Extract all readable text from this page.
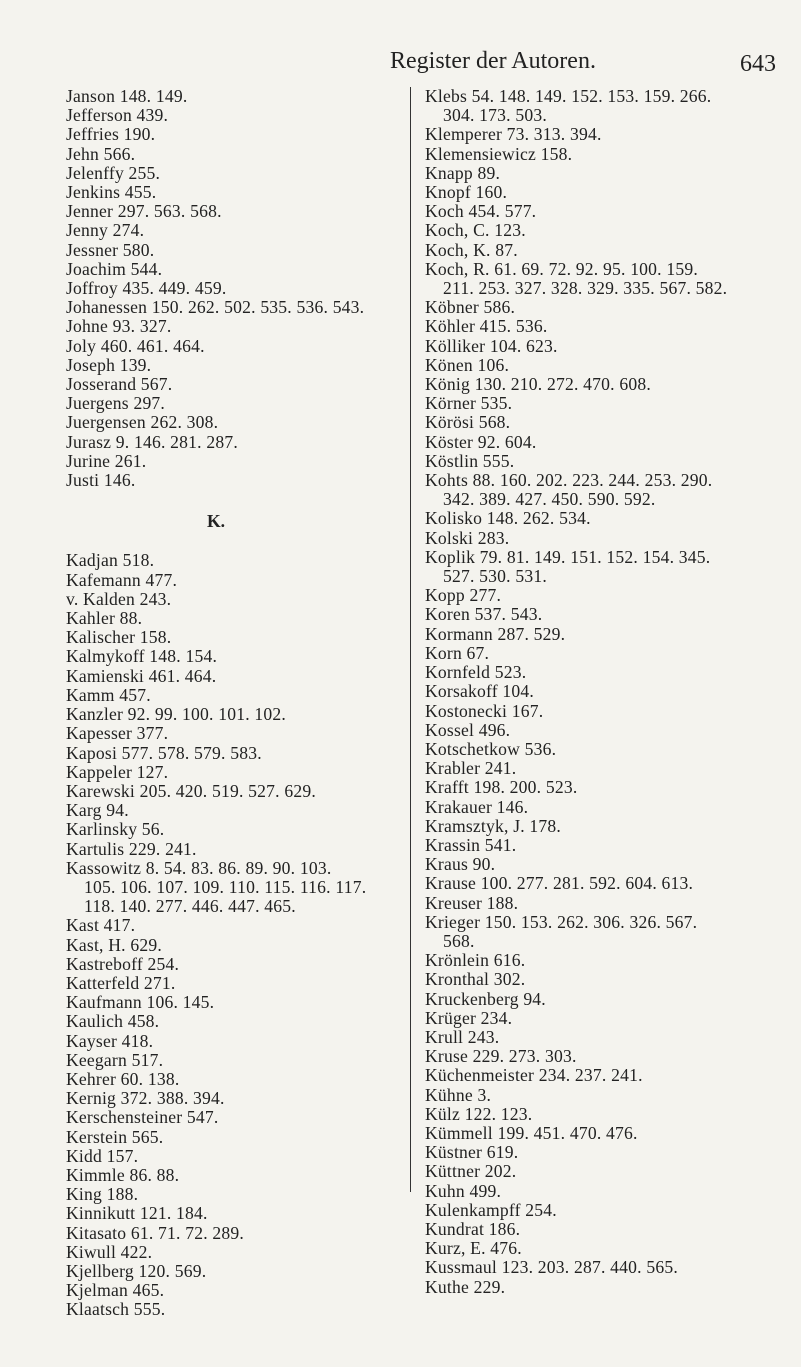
Register der Autoren.	643
Janson 148. 149.
Jefferson 439.
Jeffries 190.
Jehn 566.
Jelenffy 255.
Jenkins 455.
Jenner 297. 563. 568.
Jenny 274.
Jessner 580.
Joachim 544.
Joffroy 435. 449. 459.
Johanessen 150. 262. 502. 535. 536. 543.
Johne 93. 327.
Joly 460. 461. 464.
Joseph 139.
Josserand 567.
Juergens 297.
Juergensen 262. 308.
Jurasz 9. 146. 281. 287.
Jurine 261.
Justi 146.
K.
Kadjan 518.
Kafemann 477.
v. Kalden 243.
Kahler 88.
Kalischer 158.
Kalmykoff 148. 154.
Kamienski 461. 464.
Kamm 457.
Kanzler 92. 99. 100. 101. 102.
Kapesser 377.
Kaposi 577. 578. 579. 583.
Kappeler 127.
Karewski 205. 420. 519. 527. 629.
Karg 94.
Karlinsky 56.
Kartulis 229. 241.
Kassowitz 8. 54. 83. 86. 89. 90. 103.
105. 106. 107. 109. 110. 115. 116. 117.
118. 140. 277. 446. 447. 465.
Kast 417.
Kast, H. 629.
Kastreboff 254.
Katterfeld 271.
Kaufmann 106. 145.
Kaulich 458.
Kayser 418.
Keegarn 517.
Kehrer 60. 138.
Kernig 372. 388. 394.
Kerschensteiner 547.
Kerstein 565.
Kidd 157.
Kimmle 86. 88.
King 188.
Kinnikutt 121. 184.
Kitasato 61. 71. 72. 289.
Kiwull 422.
Kjellberg 120. 569.
Kjelman 465.
Klaatsch 555.
Klebs 54. 148. 149. 152. 153. 159. 266.
304. 173. 503.
Klemperer 73. 313. 394.
Klemensiewicz 158.
Knapp 89.
Knopf 160.
Koch 454. 577.
Koch, C. 123.
Koch, K. 87.
Koch, R. 61. 69. 72. 92. 95. 100. 159.
211. 253. 327. 328. 329. 335. 567. 582.
Köbner 586.
Köhler 415. 536.
Kölliker 104. 623.
Könen 106.
König 130. 210. 272. 470. 608.
Körner 535.
Körösi 568.
Köster 92. 604.
Köstlin 555.
Kohts 88. 160. 202. 223. 244. 253. 290.
342. 389. 427. 450. 590. 592.
Kolisko 148. 262. 534.
Kolski 283.
Koplik 79. 81. 149. 151. 152. 154. 345.
527. 530. 531.
Kopp 277.
Koren 537. 543.
Kormann 287. 529.
Korn 67.
Kornfeld 523.
Korsakoff 104.
Kostonecki 167.
Kossel 496.
Kotschetkow 536.
Krabler 241.
Krafft 198. 200. 523.
Krakauer 146.
Kramsztyk, J. 178.
Krassin 541.
Kraus 90.
Krause 100. 277. 281. 592. 604. 613.
Kreuser 188.
Krieger 150. 153. 262. 306. 326. 567.
568.
Krönlein 616.
Kronthal 302.
Kruckenberg 94.
Krüger 234.
Krull 243.
Kruse 229. 273. 303.
Küchenmeister 234. 237. 241.
Kühne 3.
Külz 122. 123.
Kümmell 199. 451. 470. 476.
Küstner 619.
Küttner 202.
Kuhn 499.
Kulenkampff 254.
Kundrat 186.
Kurz, E. 476.
Kussmaul 123. 203. 287. 440. 565.
Kuthe 229.
